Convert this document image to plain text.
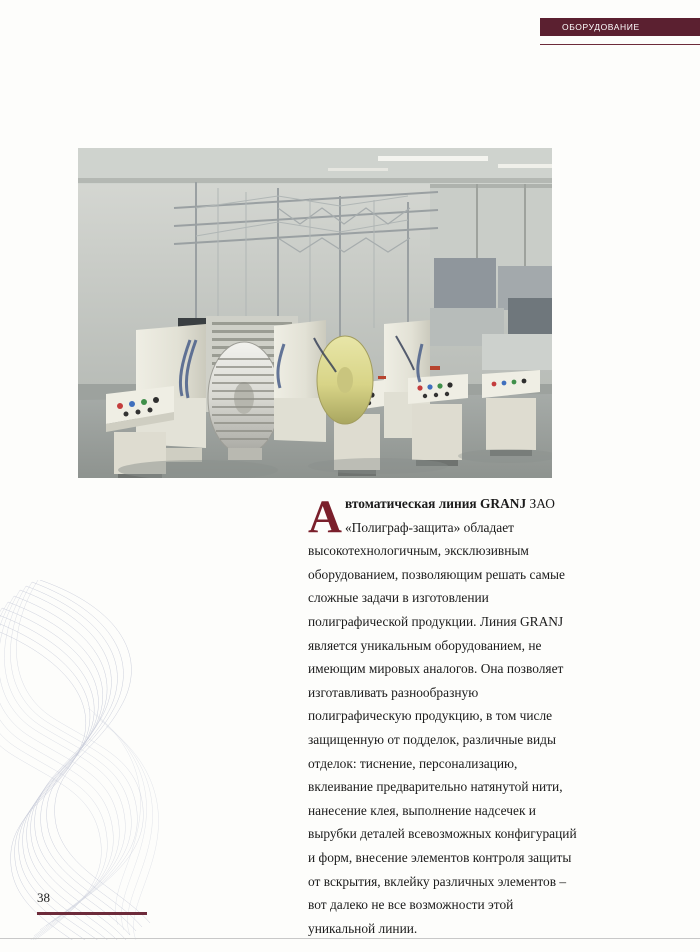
ОБОРУДОВАНИЕ
Автоматическая линия GRANJ ЗАО «Полиграф-защита» обладает высокотехнологичным, эксклюзивным оборудованием, позволяющим решать самые сложные задачи в изготовлении полиграфической продукции. Линия GRANJ является уникальным оборудованием, не имеющим мировых аналогов. Она позволяет изготавливать разнообразную полиграфическую продукцию, в том числе защищенную от подделок, различные виды отделок: тиснение, персонализацию, вклеивание предварительно натянутой нити, нанесение клея, выполнение надсечек и вырубки деталей всевозможных конфигураций и форм, внесение элементов контроля защиты от вскрытия, вклейку различных элементов – вот далеко не все возможности этой уникальной линии.
38
